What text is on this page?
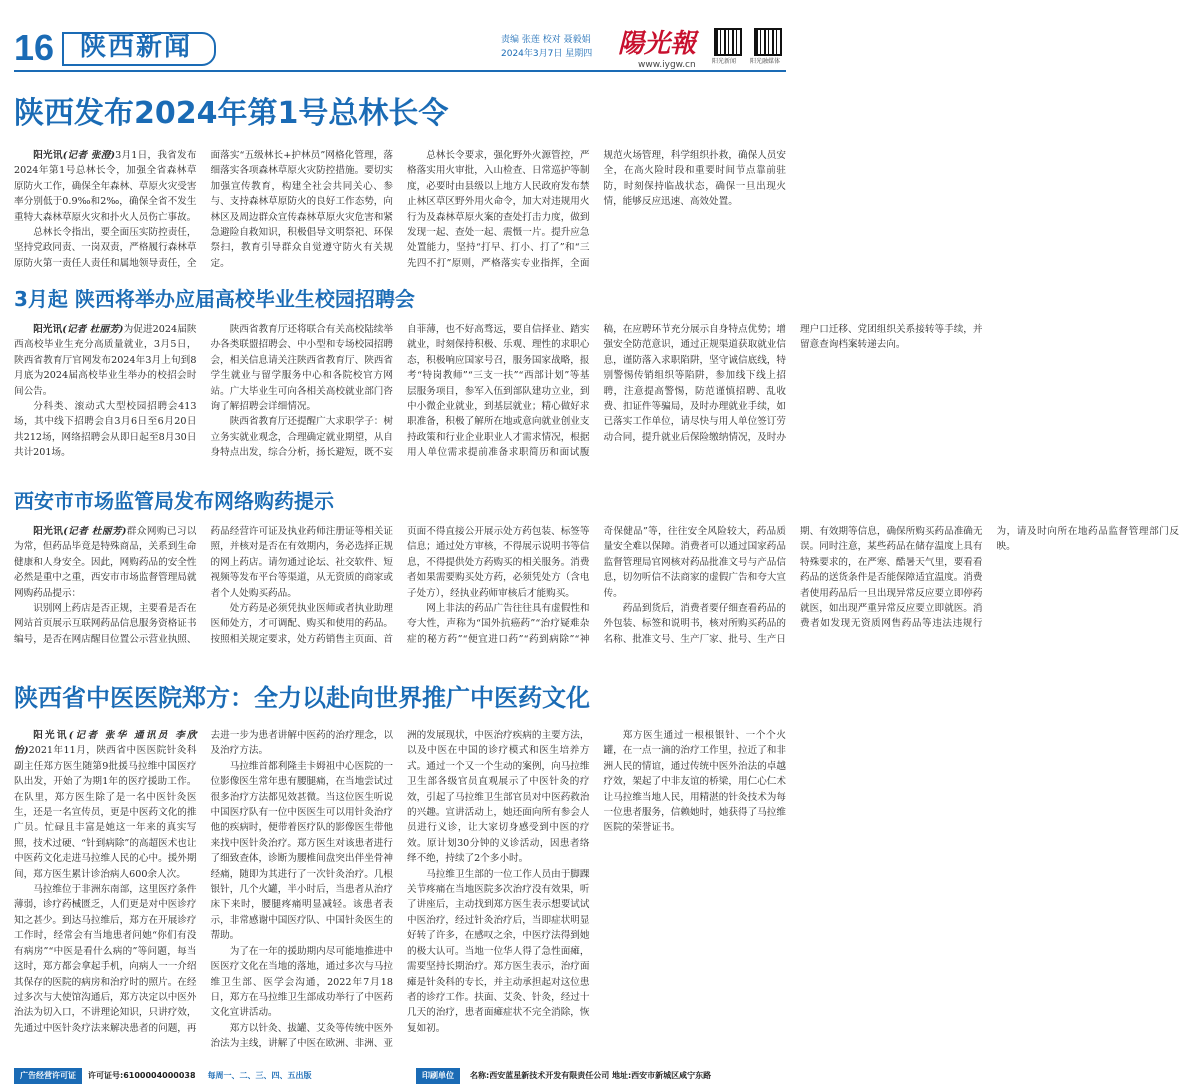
16 陕西新闻	责编 张莲 校对 聂毅娟
2024年3月7日 星期四 陽光報
www.iygw.cn	阳光新闻 阳光融媒体
陕西发布2024年第1号总林长令

阳光讯(记者 张澄)3月1日，我省发布2024年第1号总林长令，加强全省森林草原防火工作，确保全年森林、草原火灾受害率分别低于0.9‰和2‰，确保全省不发生重特大森林草原火灾和扑火人员伤亡事故。

总林长令指出，要全面压实防控责任，坚持党政同责、一岗双责，严格履行森林草原防火第一责任人责任和属地领导责任，全面落实“五级林长+护林员”网格化管理，落细落实各项森林草原火灾防控措施。要切实加强宣传教育，构建全社会共同关心、参与、支持森林草原防火的良好工作态势，向林区及周边群众宣传森林草原火灾危害和紧急避险自救知识，积极倡导文明祭祀、环保祭扫，教育引导群众自觉遵守防火有关规定。

总林长令要求，强化野外火源管控，严格落实用火审批，入山检查、日常巡护等制度，必要时由县级以上地方人民政府发布禁止林区草区野外用火命令，加大对违规用火行为及森林草原火案的查处打击力度，做到发现一起、查处一起、震慑一片。提升应急处置能力，坚持“打早、打小、打了”和“三先四不打”原则，严格落实专业指挥，全面规范火场管理，科学组织扑救，确保人员安全，在高火险时段和重要时间节点靠前驻防，时刻保持临战状态，确保一旦出现火情，能够反应迅速、高效处置。

3月起 陕西将举办应届高校毕业生校园招聘会

阳光讯(记者 杜丽芳)为促进2024届陕西高校毕业生充分高质量就业，3月5日，陕西省教育厅官网发布2024年3月上旬到8月底为2024届高校毕业生举办的校招会时间公告。

分科类、滚动式大型校园招聘会413场，其中线下招聘会自3月6日至6月20日共212场，网络招聘会从即日起至8月30日共计201场。

陕西省教育厅还将联合有关高校陆续举办各类联盟招聘会、中小型和专场校园招聘会，相关信息请关注陕西省教育厅、陕西省学生就业与留学服务中心和各院校官方网站。广大毕业生可向各相关高校就业部门咨询了解招聘会详细情况。

陕西省教育厅还提醒广大求职学子：树立务实就业观念，合理确定就业期望，从自身特点出发，综合分析，扬长避短，既不妄自菲薄，也不好高骛远，要自信择业、踏实就业，时刻保持积极、乐观、理性的求职心态，积极响应国家号召，服务国家战略，报考“特岗教师”“三支一扶”“西部计划”等基层服务项目，参军入伍到部队建功立业，到中小微企业就业，到基层就业；精心做好求职准备，积极了解所在地或意向就业创业支持政策和行业企业职业人才需求情况，根据用人单位需求提前准备求职简历和面试腹稿，在应聘环节充分展示自身特点优势；增强安全防范意识，通过正规渠道获取就业信息，谨防落入求职陷阱，坚守诚信底线，特别警惕传销组织等陷阱，参加线下线上招聘，注意提高警惕，防范谨慎招聘、乱收费、扣证件等骗局，及时办理就业手续，如已落实工作单位，请尽快与用人单位签订劳动合同，提升就业后保险缴纳情况，及时办理户口迁移、党团组织关系接转等手续，并留意查询档案转递去向。

西安市市场监管局发布网络购药提示

阳光讯(记者 杜丽芳)群众网购已习以为常，但药品毕竟是特殊商品，关系到生命健康和人身安全。因此，网购药品的安全性必然是重中之重，西安市市场监督管理局就网购药品提示：

识别网上药店是否正规，主要看是否在网站首页展示互联网药品信息服务资格证书编号，是否在网店醒目位置公示营业执照、药品经营许可证及执业药师注册证等相关证照，并核对是否在有效期内，务必选择正规的网上药店。请勿通过论坛、社交软件、短视频等发布平台等渠道，从无资质的商家或者个人处购买药品。

处方药是必须凭执业医师或者执业助理医师处方，才可调配、购买和使用的药品。按照相关规定要求，处方药销售主页面、首页面不得直接公开展示处方药包装、标签等信息；通过处方审核，不得展示说明书等信息，不得提供处方药购买的相关服务。消费者如果需要购买处方药，必须凭处方（含电子处方），经执业药师审核后才能购买。

网上非法的药品广告往往具有虚假性和夸大性，声称为“国外抗癌药”“治疗疑难杂症的秘方药”“便宜进口药”“药到病除”“神奇保健品”等，往往安全风险较大，药品质量安全难以保障。消费者可以通过国家药品监督管理局官网核对药品批准文号与产品信息，切勿听信不法商家的虚假广告和夸大宣传。

药品到货后，消费者要仔细查看药品的外包装、标签和说明书，核对所购买药品的名称、批准文号、生产厂家、批号、生产日期、有效期等信息，确保所购买药品准确无误。同时注意，某些药品在储存温度上具有特殊要求的，在严寒、酷暑天气里，要看看药品的送货条件是否能保障适宜温度。消费者使用药品后一旦出现异常反应要立即停药就医，如出现严重异常反应要立即就医。消费者如发现无资质网售药品等违法违规行为，请及时向所在地药品监督管理部门反映。

陕西省中医医院郑方：全力以赴向世界推广中医药文化

阳光讯(记者 张华 通讯员 李欣怡)2021年11月，陕西省中医医院针灸科副主任郑方医生随第9批援马拉维中国医疗队出发，开始了为期1年的医疗援助工作。在队里，郑方医生除了是一名中医针灸医生，还是一名宣传员，更是中医药文化的推广员。忙碌且丰富是她这一年来的真实写照，技术过硬、“针到病除”的高超医术也让中医药文化走进马拉维人民的心中。援外期间，郑方医生累计诊治病人600余人次。

马拉维位于非洲东南部，这里医疗条件薄弱，诊疗药械匮乏，人们更是对中医诊疗知之甚少。到达马拉维后，郑方在开展诊疗工作时，经常会有当地患者问她“你们有没有病房”“中医是看什么病的”等问题，每当这时，郑方都会拿起手机，向病人一一介绍其保存的医院的病房和治疗时的照片。在经过多次与大使馆沟通后，郑方决定以中医外治法为切入口，不讲理论知识，只讲疗效，先通过中医针灸疗法来解决患者的问题，再去进一步为患者讲解中医药的治疗理念，以及治疗方法。

马拉维首都利隆圭卡姆祖中心医院的一位影像医生常年患有腰腿痛，在当地尝试过很多治疗方法都见效甚微。当这位医生听说中国医疗队有一位中医医生可以用针灸治疗他的疾病时，便带着医疗队的影像医生带他来找中医针灸治疗。郑方医生对该患者进行了细致查体，诊断为腰椎间盘突出伴坐骨神经痛，随即为其进行了一次针灸治疗。几根银针，几个火罐，半小时后，当患者从治疗床下来时，腰腿疼痛明显减轻。该患者表示，非常感谢中国医疗队、中国针灸医生的帮助。

为了在一年的援助期内尽可能地推进中医医疗文化在当地的落地，通过多次与马拉维卫生部、医学会沟通，2022年7月18日，郑方在马拉维卫生部成功举行了中医药文化宣讲活动。

郑方以针灸、拔罐、艾灸等传统中医外治法为主线，讲解了中医在欧洲、非洲、亚洲的发展现状，中医治疗疾病的主要方法，以及中医在中国的诊疗模式和医生培养方式。通过一个又一个生动的案例，向马拉维卫生部各级官员直观展示了中医针灸的疗效，引起了马拉维卫生部官员对中医药救治的兴趣。宣讲活动上，她还面向所有参会人员进行义诊，让大家切身感受到中医的疗效。原计划30分钟的义诊活动，因患者络绎不绝，持续了2个多小时。

马拉维卫生部的一位工作人员由于脚踝关节疼痛在当地医院多次治疗没有效果，听了讲座后，主动找到郑方医生表示想要试试中医治疗，经过针灸治疗后，当即症状明显好转了许多，在感叹之余，中医疗法得到她的极大认可。当地一位华人得了急性面瘫，需要坚持长期治疗。郑方医生表示，治疗面瘫是针灸科的专长，并主动承担起对这位患者的诊疗工作。扶面、艾灸、针灸，经过十几天的治疗，患者面瘫症状不完全消除，恢复如初。

郑方医生通过一根根银针、一个个火罐，在一点一滴的治疗工作里，拉近了和非洲人民的情谊，通过传统中医外治法的卓越疗效，架起了中非友谊的桥梁，用仁心仁术让马拉维当地人民，用精湛的针灸技术为每一位患者服务，信赖她时，她获得了马拉维医院的荣誉证书。

广告经营许可证 许可证号:6100004000038 每周一、二、三、四、五出版	印刷单位	名称:西安蓝星新技术开发有限责任公司 地址:西安市新城区咸宁东路
